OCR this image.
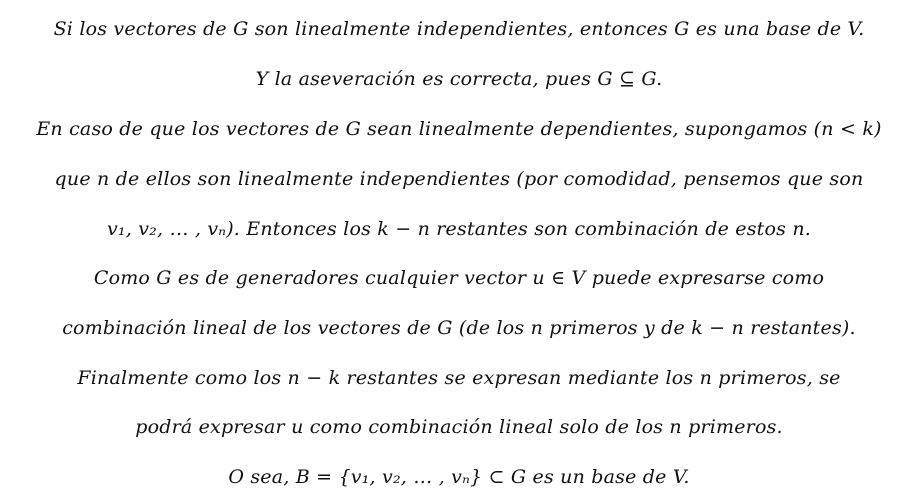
Si los vectores de G son linealmente independientes, entonces G es una base de V.
Y la aseveración es correcta, pues G ⊆ G.
En caso de que los vectores de G sean linealmente dependientes, supongamos (n < k)
que n de ellos son linealmente independientes (por comodidad, pensemos que son
v₁, v₂, … , vₙ). Entonces los k − n restantes son combinación de estos n.
Como G es de generadores cualquier vector u ∈ V puede expresarse como
combinación lineal de los vectores de G (de los n primeros y de k − n restantes).
Finalmente como los n − k restantes se expresan mediante los n primeros, se
podrá expresar u como combinación lineal solo de los n primeros.
O sea, B = {v₁, v₂, … , vₙ} ⊂ G es un base de V.
